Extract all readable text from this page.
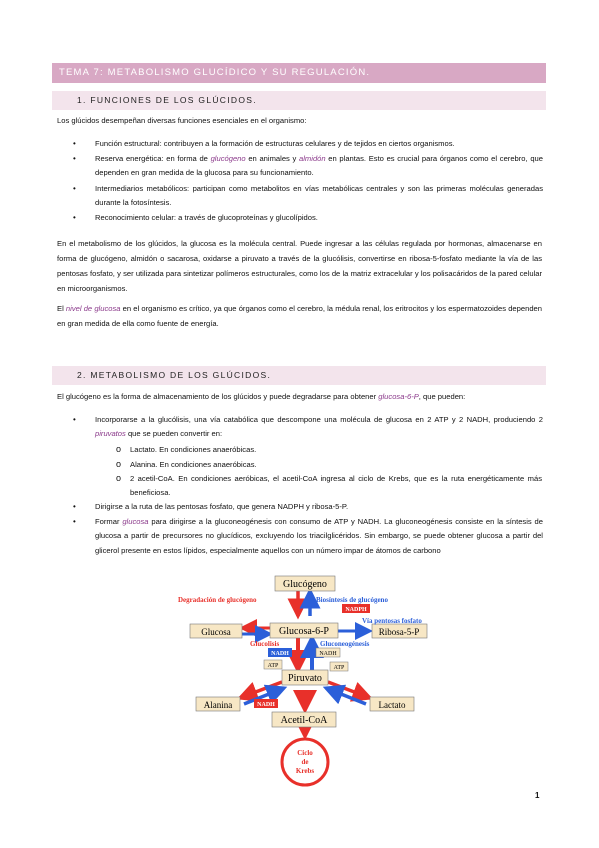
TEMA 7: METABOLISMO GLUCÍDICO Y SU REGULACIÓN.
1. FUNCIONES DE LOS GLÚCIDOS.
Los glúcidos desempeñan diversas funciones esenciales en el organismo:
•	Función estructural: contribuyen a la formación de estructuras celulares y de tejidos en ciertos organismos.
•	Reserva energética: en forma de glucógeno en animales y almidón en plantas. Esto es crucial para órganos como el cerebro, que dependen en gran medida de la glucosa para su funcionamiento.
•	Intermediarios metabólicos: participan como metabolitos en vías metabólicas centrales y son las primeras moléculas generadas durante la fotosíntesis.
•	Reconocimiento celular: a través de glucoproteínas y glucolípidos.
En el metabolismo de los glúcidos, la glucosa es la molécula central. Puede ingresar a las células regulada por hormonas, almacenarse en forma de glucógeno, almidón o sacarosa, oxidarse a piruvato a través de la glucólisis, convertirse en ribosa-5-fosfato mediante la vía de las pentosas fosfato, y ser utilizada para sintetizar polímeros estructurales, como los de la matriz extracelular y los polisacáridos de la pared celular en microorganismos.
El nivel de glucosa en el organismo es crítico, ya que órganos como el cerebro, la médula renal, los eritrocitos y los espermatozoides dependen en gran medida de ella como fuente de energía.
2. METABOLISMO DE LOS GLÚCIDOS.
El glucógeno es la forma de almacenamiento de los glúcidos y puede degradarse para obtener glucosa-6-P, que pueden:
•	Incorporarse a la glucólisis, una vía catabólica que descompone una molécula de glucosa en 2 ATP y 2 NADH, produciendo 2 piruvatos que se pueden convertir en:
o Lactato. En condiciones anaeróbicas.
o Alanina. En condiciones anaeróbicas.
o 2 acetil-CoA. En condiciones aeróbicas, el acetil-CoA ingresa al ciclo de Krebs, que es la ruta energéticamente más beneficiosa.
•	Dirigirse a la ruta de las pentosas fosfato, que genera NADPH y ribosa-5-P.
•	Formar glucosa para dirigirse a la gluconeogénesis con consumo de ATP y NADH. La gluconeogénesis consiste en la síntesis de glucosa a partir de precursores no glucídicos, excluyendo los triacilglicéridos. Sin embargo, se puede obtener glucosa a partir del glicerol presente en estos lípidos, especialmente aquellos con un número impar de átomos de carbono
Glucógeno
Degradación de glucógeno	Biosíntesis de glucógeno
Glucosa-6-P
Glucosa	Ribosa-5-P
NADPH
Vía pentosas fosfato
Glucolisis	Gluconeogénesis
NADH
ATP
NADH
ATP
Piruvato
Alanina	Lactato
NADH
Acetil-CoA
Ciclo
de
Krebs
1
